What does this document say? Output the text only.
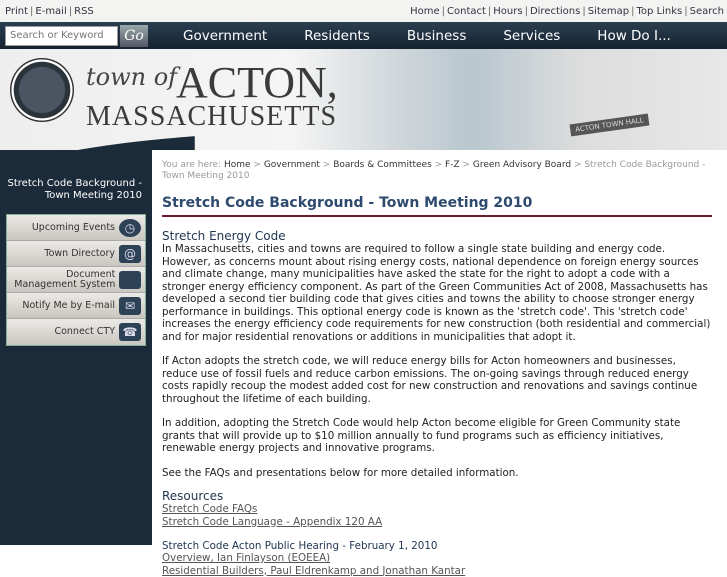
Print | E-mail | RSS	Home | Contact | Hours | Directions | Sitemap | Top Links | Search
Search or Keyword
Go	Government	Residents	Business	Services	How Do I...
town of
ACTON,
MASSACHUSETTS	ACTON TOWN HALL
Stretch Code Background - Town Meeting 2010
Upcoming Events ◷
Town Directory @
Document Management System
Notify Me by E-mail ✉
Connect CTY ☎
You are here: Home > Government > Boards & Committees > F-Z > Green Advisory Board > Stretch Code Background - Town Meeting 2010
Stretch Code Background - Town Meeting 2010
Stretch Energy Code

In Massachusetts, cities and towns are required to follow a single state building and energy code. However, as concerns mount about rising energy costs, national dependence on foreign energy sources and climate change, many municipalities have asked the state for the right to adopt a code with a stronger energy efficiency component. As part of the Green Communities Act of 2008, Massachusetts has developed a second tier building code that gives cities and towns the ability to choose stronger energy performance in buildings. This optional energy code is known as the 'stretch code'. This 'stretch code' increases the energy efficiency code requirements for new construction (both residential and commercial) and for major residential renovations or additions in municipalities that adopt it.

If Acton adopts the stretch code, we will reduce energy bills for Acton homeowners and businesses, reduce use of fossil fuels and reduce carbon emissions. The on-going savings through reduced energy costs rapidly recoup the modest added cost for new construction and renovations and savings continue throughout the lifetime of each building.

In addition, adopting the Stretch Code would help Acton become eligible for Green Community state grants that will provide up to $10 million annually to fund programs such as efficiency initiatives, renewable energy projects and innovative programs.

See the FAQs and presentations below for more detailed information.

Resources
Stretch Code FAQs
Stretch Code Language - Appendix 120 AA
Stretch Code Acton Public Hearing - February 1, 2010
Overview, Ian Finlayson (EOEEA)
Residential Builders, Paul Eldrenkamp and Jonathan Kantar
